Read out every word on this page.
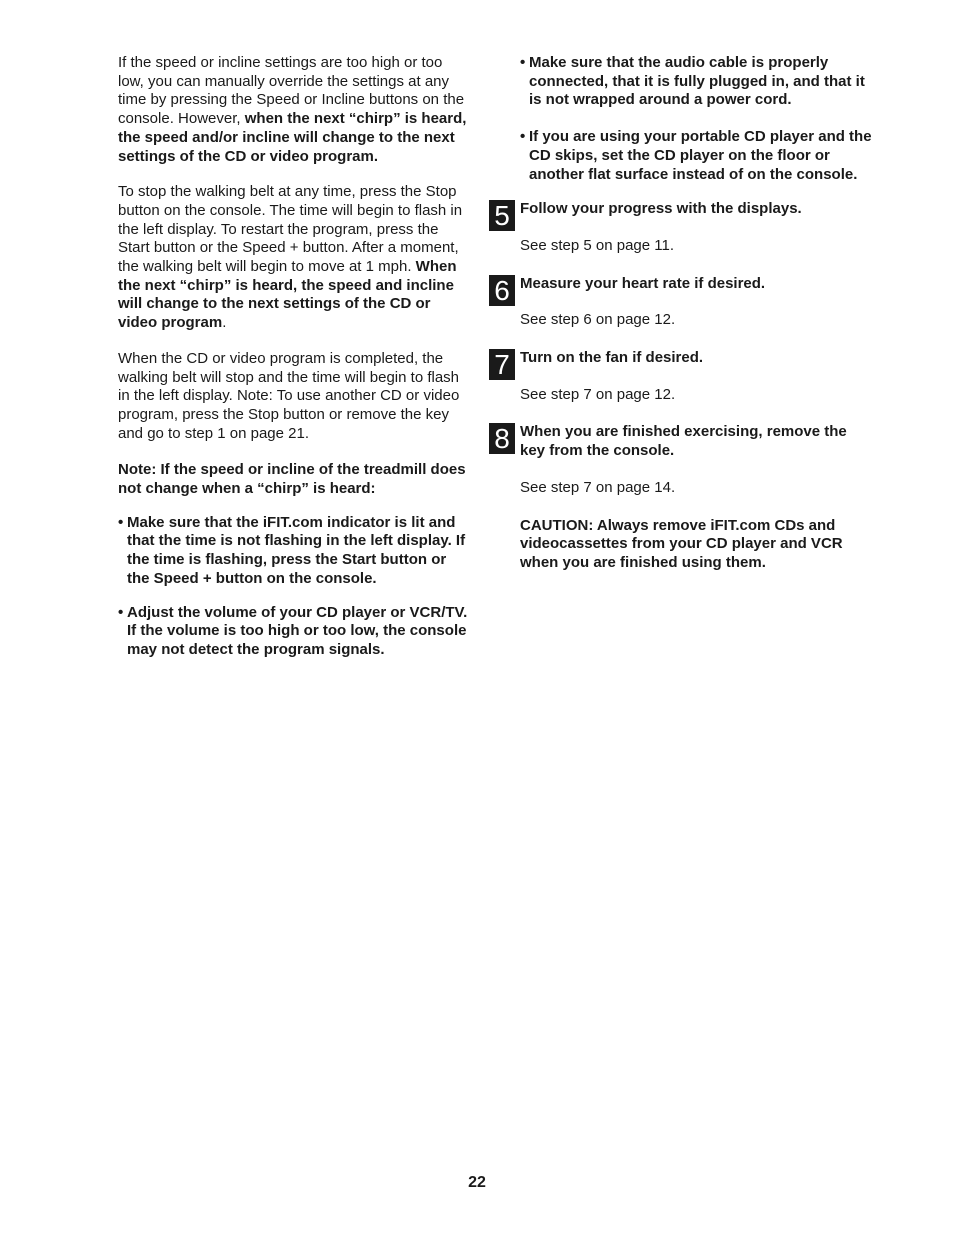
If the speed or incline settings are too high or too low, you can manually override the settings at any time by pressing the Speed or Incline buttons on the console. However, when the next “chirp” is heard, the speed and/or incline will change to the next settings of the CD or video program.

To stop the walking belt at any time, press the Stop button on the console. The time will begin to flash in the left display. To restart the program, press the Start button or the Speed + button. After a moment, the walking belt will begin to move at 1 mph. When the next “chirp” is heard, the speed and incline will change to the next settings of the CD or video program.

When the CD or video program is completed, the walking belt will stop and the time will begin to flash in the left display. Note: To use another CD or video program, press the Stop button or remove the key and go to step 1 on page 21.

Note: If the speed or incline of the treadmill does not change when a “chirp” is heard:

• Make sure that the iFIT.com indicator is lit and that the time is not flashing in the left display. If the time is flashing, press the Start button or the Speed + button on the console.
• Adjust the volume of your CD player or VCR/TV. If the volume is too high or too low, the console may not detect the program signals.
• Make sure that the audio cable is properly connected, that it is fully plugged in, and that it is not wrapped around a power cord.
• If you are using your portable CD player and the CD skips, set the CD player on the floor or another flat surface instead of on the console.
5 Follow your progress with the displays.

See step 5 on page 11.

6 Measure your heart rate if desired.

See step 6 on page 12.

7 Turn on the fan if desired.

See step 7 on page 12.

8 When you are finished exercising, remove the key from the console.

See step 7 on page 14.

CAUTION: Always remove iFIT.com CDs and videocassettes from your CD player and VCR when you are finished using them.

22
